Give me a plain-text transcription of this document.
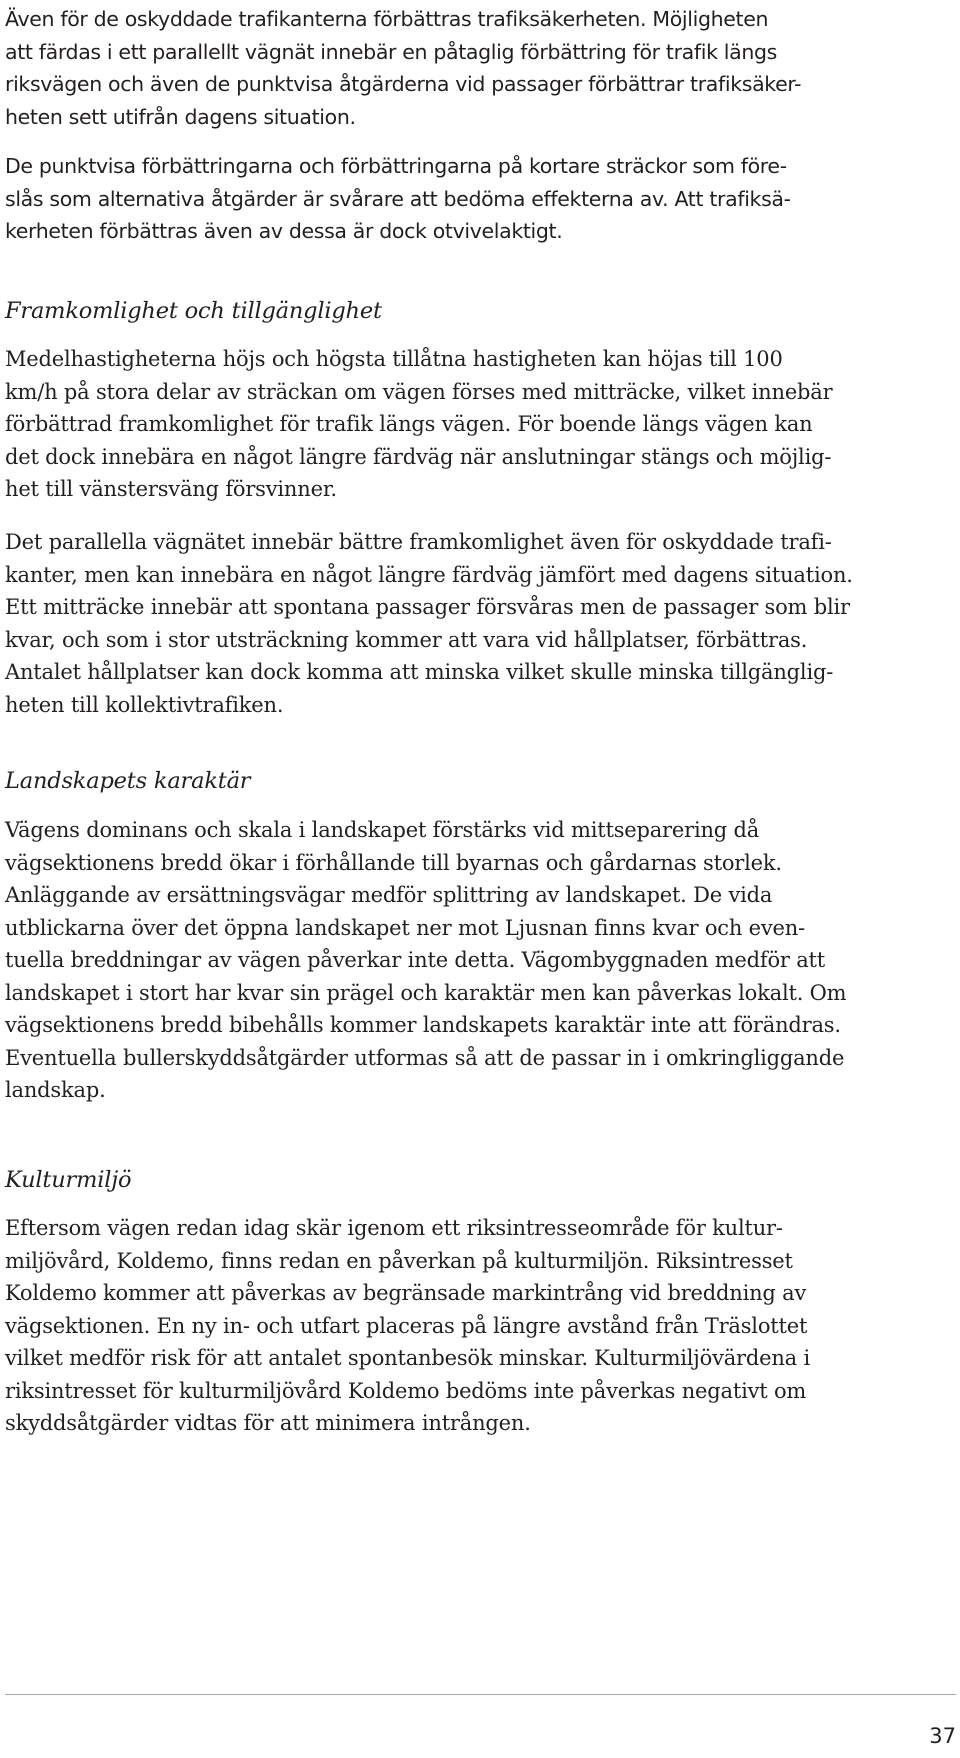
Även för de oskyddade trafikanterna förbättras trafiksäkerheten. Möjligheten
att färdas i ett parallellt vägnät innebär en påtaglig förbättring för trafik längs
riksvägen och även de punktvisa åtgärderna vid passager förbättrar trafiksäker-
heten sett utifrån dagens situation.

De punktvisa förbättringarna och förbättringarna på kortare sträckor som före-
slås som alternativa åtgärder är svårare att bedöma effekterna av. Att trafiksä-
kerheten förbättras även av dessa är dock otvivelaktigt.

Framkomlighet och tillgänglighet

Medelhastigheterna höjs och högsta tillåtna hastigheten kan höjas till 100
km/h på stora delar av sträckan om vägen förses med mitträcke, vilket innebär
förbättrad framkomlighet för trafik längs vägen. För boende längs vägen kan
det dock innebära en något längre färdväg när anslutningar stängs och möjlig-
het till vänstersväng försvinner.

Det parallella vägnätet innebär bättre framkomlighet även för oskyddade trafi-
kanter, men kan innebära en något längre färdväg jämfört med dagens situation.
Ett mitträcke innebär att spontana passager försvåras men de passager som blir
kvar, och som i stor utsträckning kommer att vara vid hållplatser, förbättras.
Antalet hållplatser kan dock komma att minska vilket skulle minska tillgänglig-
heten till kollektivtrafiken.

Landskapets karaktär

Vägens dominans och skala i landskapet förstärks vid mittseparering då
vägsektionens bredd ökar i förhållande till byarnas och gårdarnas storlek.
Anläggande av ersättningsvägar medför splittring av landskapet. De vida
utblickarna över det öppna landskapet ner mot Ljusnan finns kvar och even-
tuella breddningar av vägen påverkar inte detta. Vägombyggnaden medför att
landskapet i stort har kvar sin prägel och karaktär men kan påverkas lokalt. Om
vägsektionens bredd bibehålls kommer landskapets karaktär inte att förändras.
Eventuella bullerskyddsåtgärder utformas så att de passar in i omkringliggande
landskap.

Kulturmiljö

Eftersom vägen redan idag skär igenom ett riksintresseområde för kultur-
miljövård, Koldemo, finns redan en påverkan på kulturmiljön. Riksintresset
Koldemo kommer att påverkas av begränsade markintrång vid breddning av
vägsektionen. En ny in- och utfart placeras på längre avstånd från Träslottet
vilket medför risk för att antalet spontanbesök minskar. Kulturmiljövärdena i
riksintresset för kulturmiljövård Koldemo bedöms inte påverkas negativt om
skyddsåtgärder vidtas för att minimera intrången.

37
